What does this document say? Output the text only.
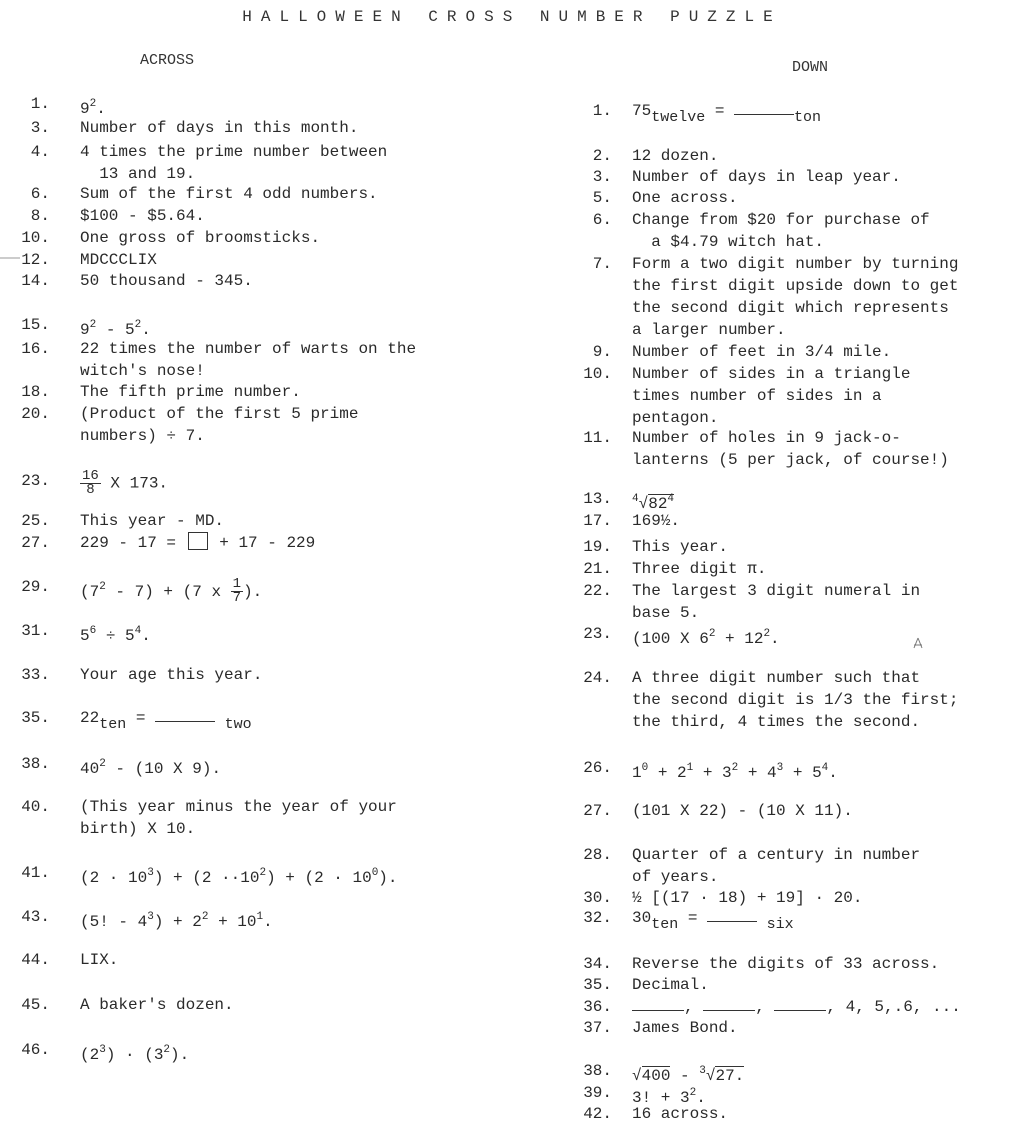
HALLOWEEN CROSS NUMBER PUZZLE
ACROSS	DOWN
1. $9^2$.
3. Number of days in this month.
4. 4 times the prime number between
13 and 19.
6. Sum of the first 4 odd numbers.
8. $100 - $5.64.
10. One gross of broomsticks.
12. MDCCCLIX
14. 50 thousand - 345.
15. $9^2 - 5^2$.
16. 22 times the number of warts on the
witch's nose!
18. The fifth prime number.
20. (Product of the first 5 prime
numbers) ÷ 7.
23. $\frac{16}{8}$ X 173.
25. This year - MD.
27. 229 - 17 =	+ 17 - 229
29. $(7^2 - 7) + (7$ x $\frac{1}{7}$ ).
31. $5^6 \div 5^4$.
33. Your age this year.
35. $22_{ten}$ =	$_{two}$
38. $40^2 - (10$ X 9).
40. (This year minus the year of your
birth) X 10.
41. $(2 \cdot 10^3) + (2 \cdot\cdot 10^2) + (2 \cdot 10^0)$.
43. (5! - $4^3) + 2^2 + 10^1$.
44. LIX.
45. A baker's dozen.
46. $(2^3) \cdot (3^2)$.
1. $75_{twelve}$ =	$_{ton}$
2. 12 dozen.
3. Number of days in leap year.
5. One across.
6. Change from $20 for purchase of
a $4.79 witch hat.
7. Form a two digit number by turning
the first digit upside down to get
the second digit which represents
a larger number.
9. Number of feet in 3/4 mile.
10. Number of sides in a triangle
times number of sides in a
pentagon.
11. Number of holes in 9 jack-o-
lanterns (5 per jack, of course!)
13. $^4√82^4$
17. 169½.
19. This year.
21. Three digit π.
22. The largest 3 digit numeral in
base 5.
23. (100 X $6^2 + 12^2$.
24. A three digit number such that
the second digit is 1/3 the first;
the third, 4 times the second.
26. $1^0 + 2^1 + 3^2 + 4^3 + 5^4$.
27. (101 X 22) - (10 X 11).
28. Quarter of a century in number
of years.
30. ½ [(17 · 18) + 19] · 20.
32. $30_{ten}$ =	$_{six}$
34. Reverse the digits of 33 across.
35. Decimal.
36.	,	,	, 4, 5,.6, ...
37. James Bond.
38. √400 - $^3$√27.
39. 3! + $3^2$.
42. 16 across.
